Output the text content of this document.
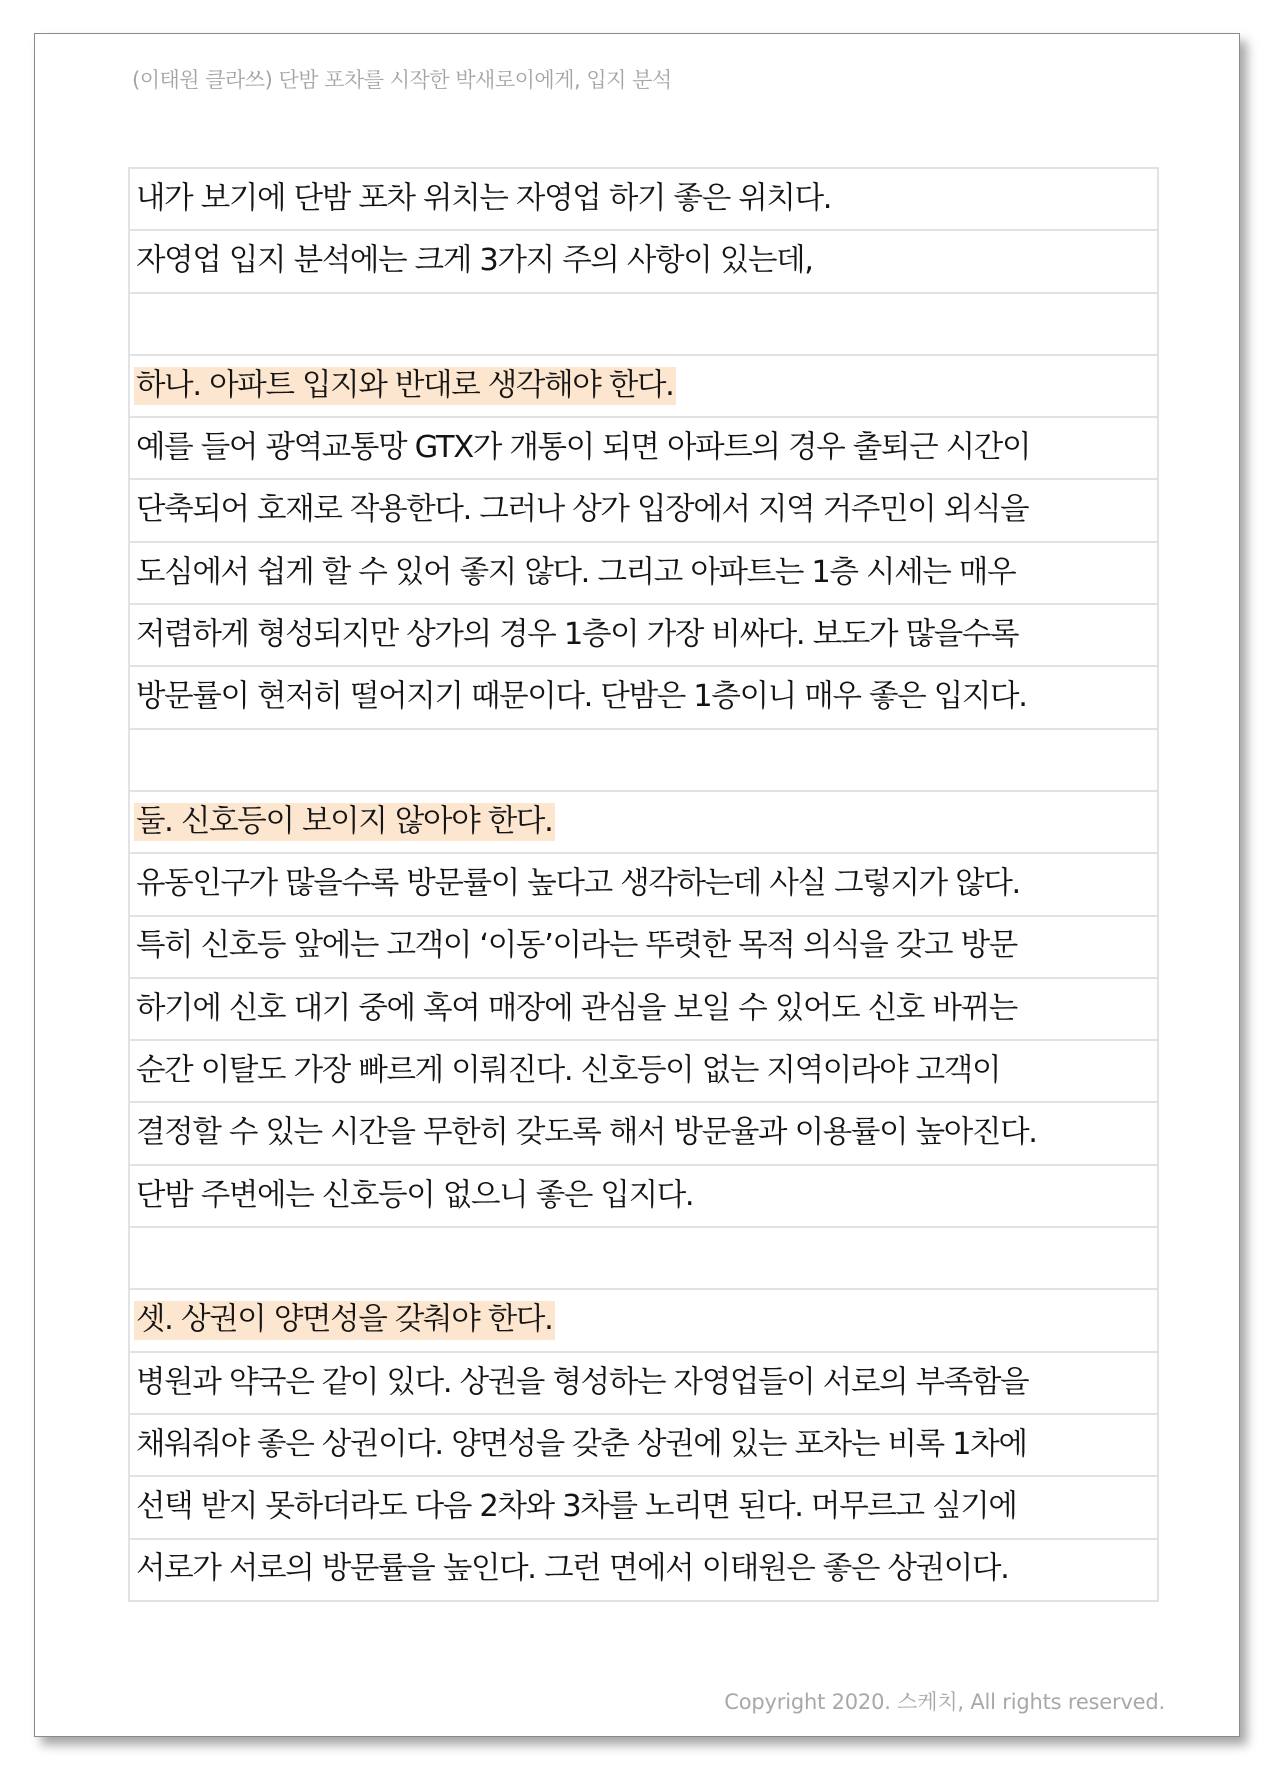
(이태원 클라쓰) 단밤 포차를 시작한 박새로이에게, 입지 분석
내가 보기에 단밤 포차 위치는 자영업 하기 좋은 위치다.
자영업 입지 분석에는 크게 3가지 주의 사항이 있는데,
하나. 아파트 입지와 반대로 생각해야 한다.
예를 들어 광역교통망 GTX가 개통이 되면 아파트의 경우 출퇴근 시간이
단축되어 호재로 작용한다. 그러나 상가 입장에서 지역 거주민이 외식을
도심에서 쉽게 할 수 있어 좋지 않다. 그리고 아파트는 1층 시세는 매우
저렴하게 형성되지만 상가의 경우 1층이 가장 비싸다. 보도가 많을수록
방문률이 현저히 떨어지기 때문이다. 단밤은 1층이니 매우 좋은 입지다.
둘. 신호등이 보이지 않아야 한다.
유동인구가 많을수록 방문률이 높다고 생각하는데 사실 그렇지가 않다.
특히 신호등 앞에는 고객이 ‘이동’이라는 뚜렷한 목적 의식을 갖고 방문
하기에 신호 대기 중에 혹여 매장에 관심을 보일 수 있어도 신호 바뀌는
순간 이탈도 가장 빠르게 이뤄진다. 신호등이 없는 지역이라야 고객이
결정할 수 있는 시간을 무한히 갖도록 해서 방문율과 이용률이 높아진다.
단밤 주변에는 신호등이 없으니 좋은 입지다.
셋. 상권이 양면성을 갖춰야 한다.
병원과 약국은 같이 있다. 상권을 형성하는 자영업들이 서로의 부족함을
채워줘야 좋은 상권이다. 양면성을 갖춘 상권에 있는 포차는 비록 1차에
선택 받지 못하더라도 다음 2차와 3차를 노리면 된다. 머무르고 싶기에
서로가 서로의 방문률을 높인다. 그런 면에서 이태원은 좋은 상권이다.
Copyright 2020. 스케치, All rights reserved.
